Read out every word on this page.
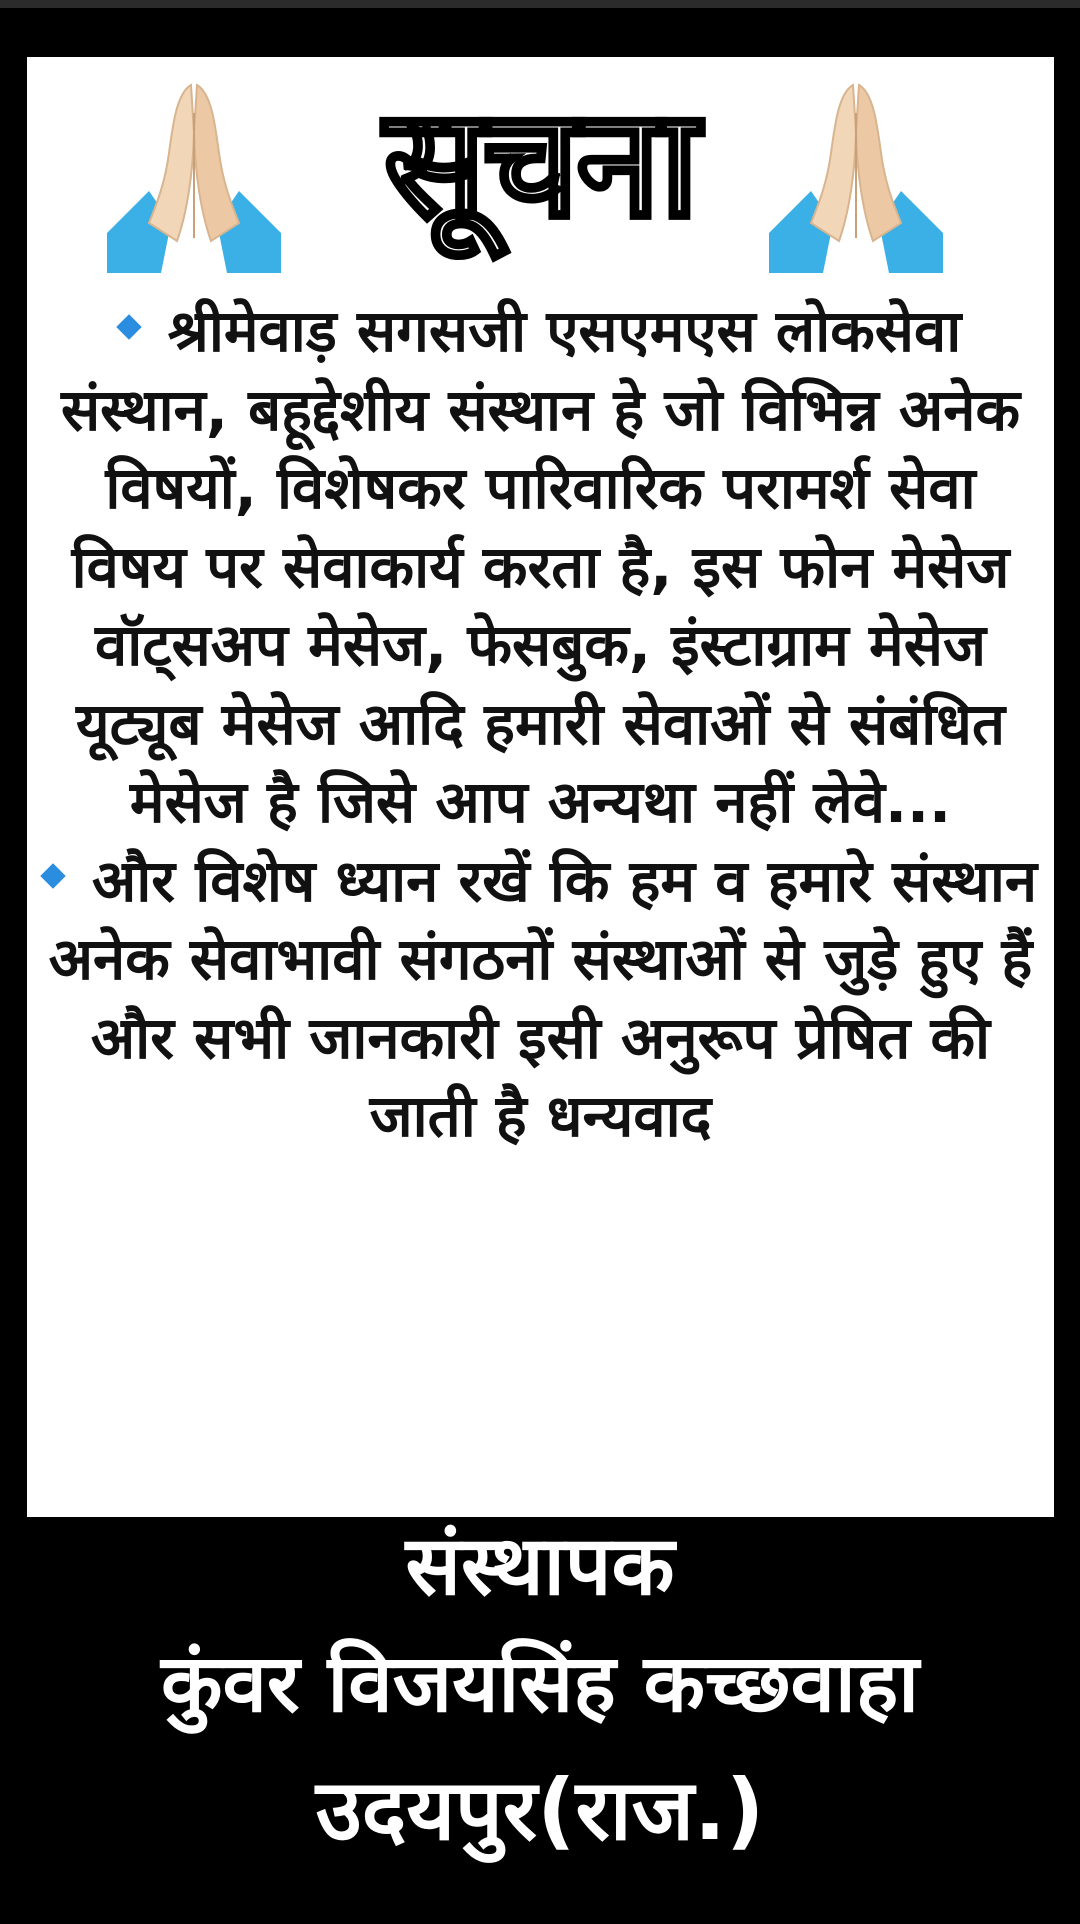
सूचना

श्रीमेवाड़ सगसजी एसएमएस लोकसेवा संस्थान, बहूद्देशीय संस्थान हे जो विभिन्न अनेक विषयों, विशेषकर पारिवारिक परामर्श सेवा विषय पर सेवाकार्य करता है, इस फोन मेसेज वॉट्सअप मेसेज, फेसबुक, इंस्टाग्राम मेसेज यूट्यूब मेसेज आदि हमारी सेवाओं से संबंधित मेसेज है जिसे आप अन्यथा नहीं लेवे...

और विशेष ध्यान रखें कि हम व हमारे संस्थान अनेक सेवाभावी संगठनों संस्थाओं से जुड़े हुए हैं और सभी जानकारी इसी अनुरूप प्रेषित की जाती है धन्यवाद

संस्थापक

कुंवर विजयसिंह कच्छवाहा

उदयपुर(राज.)
